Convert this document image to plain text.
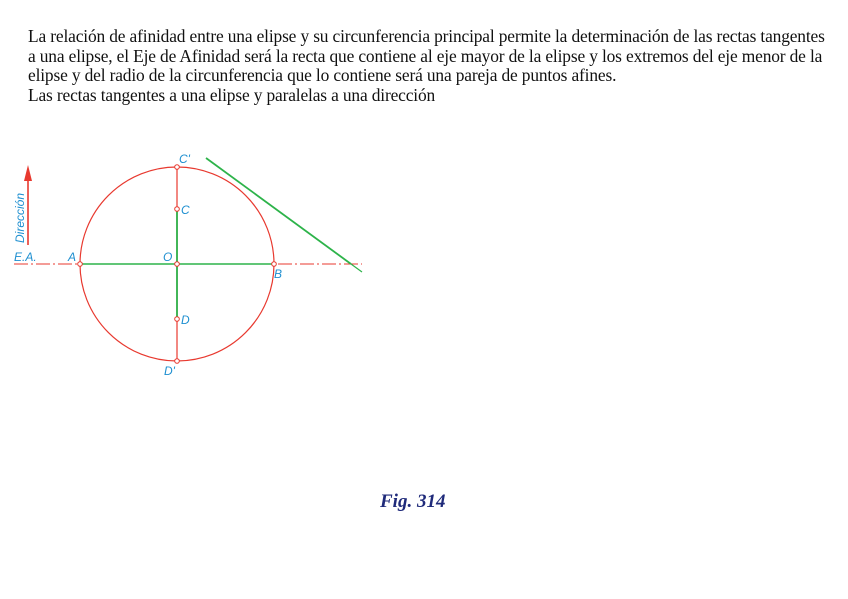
La relación de afinidad entre una elipse y su circunferencia principal permite la determinación de las rectas tangentes a una elipse, el Eje de Afinidad será la recta que contiene al eje mayor de la elipse y los extremos del eje menor de la elipse y del radio de la circunferencia que lo contiene será una pareja de puntos afines.

Las rectas tangentes a una elipse y paralelas a una dirección

Dirección
E.A.	A
B
O
C
D
C'
D'
Fig. 314
